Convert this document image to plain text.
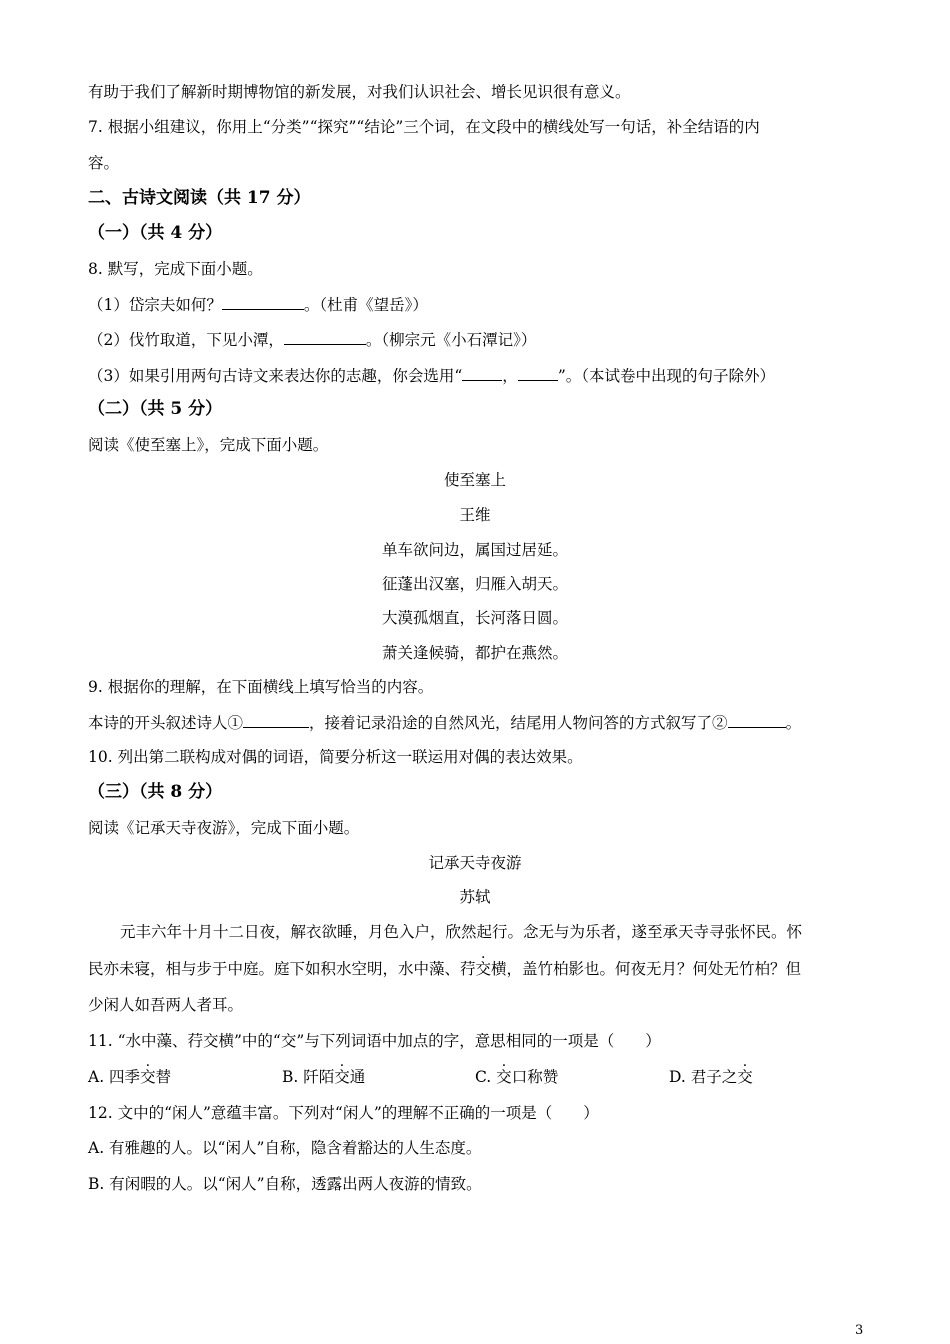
有助于我们了解新时期博物馆的新发展，对我们认识社会、增长见识很有意义。
7. 根据小组建议，你用上“分类”“探究”“结论”三个词，在文段中的横线处写一句话，补全结语的内
容。
二、古诗文阅读（共 17 分）
（一）（共 4 分）
8. 默写，完成下面小题。
（1）岱宗夫如何？	。（杜甫《望岳》）
（2）伐竹取道，下见小潭，	。（柳宗元《小石潭记》）
（3）如果引用两句古诗文来表达你的志趣，你会选用“	，	”。（本试卷中出现的句子除外）
（二）（共 5 分）
阅读《使至塞上》，完成下面小题。
使至塞上
王维
单车欲问边，属国过居延。
征蓬出汉塞，归雁入胡天。
大漠孤烟直，长河落日圆。
萧关逢候骑，都护在燕然。
9. 根据你的理解，在下面横线上填写恰当的内容。
本诗的开头叙述诗人①	，接着记录沿途的自然风光，结尾用人物问答的方式叙写了②	。
10. 列出第二联构成对偶的词语，简要分析这一联运用对偶的表达效果。
（三）（共 8 分）
阅读《记承天寺夜游》，完成下面小题。
记承天寺夜游
苏轼
元丰六年十月十二日夜，解衣欲睡，月色入户，欣然起行。念无与为乐者，遂至承天寺寻张怀民。怀
民亦未寝，相与步于中庭。庭下如积水空明，水中藻、荇交横，盖竹柏影也。何夜无月？何处无竹柏？但
少闲人如吾两人者耳。
11. “水中藻、荇交横”中的“交”与下列词语中加点的字，意思相同的一项是（　　）
A. 四季交替	B. 阡陌交通	C. 交口称赞	D. 君子之交
12. 文中的“闲人”意蕴丰富。下列对“闲人”的理解不正确的一项是（　　）
A. 有雅趣的人。以“闲人”自称，隐含着豁达的人生态度。
B. 有闲暇的人。以“闲人”自称，透露出两人夜游的情致。
3
